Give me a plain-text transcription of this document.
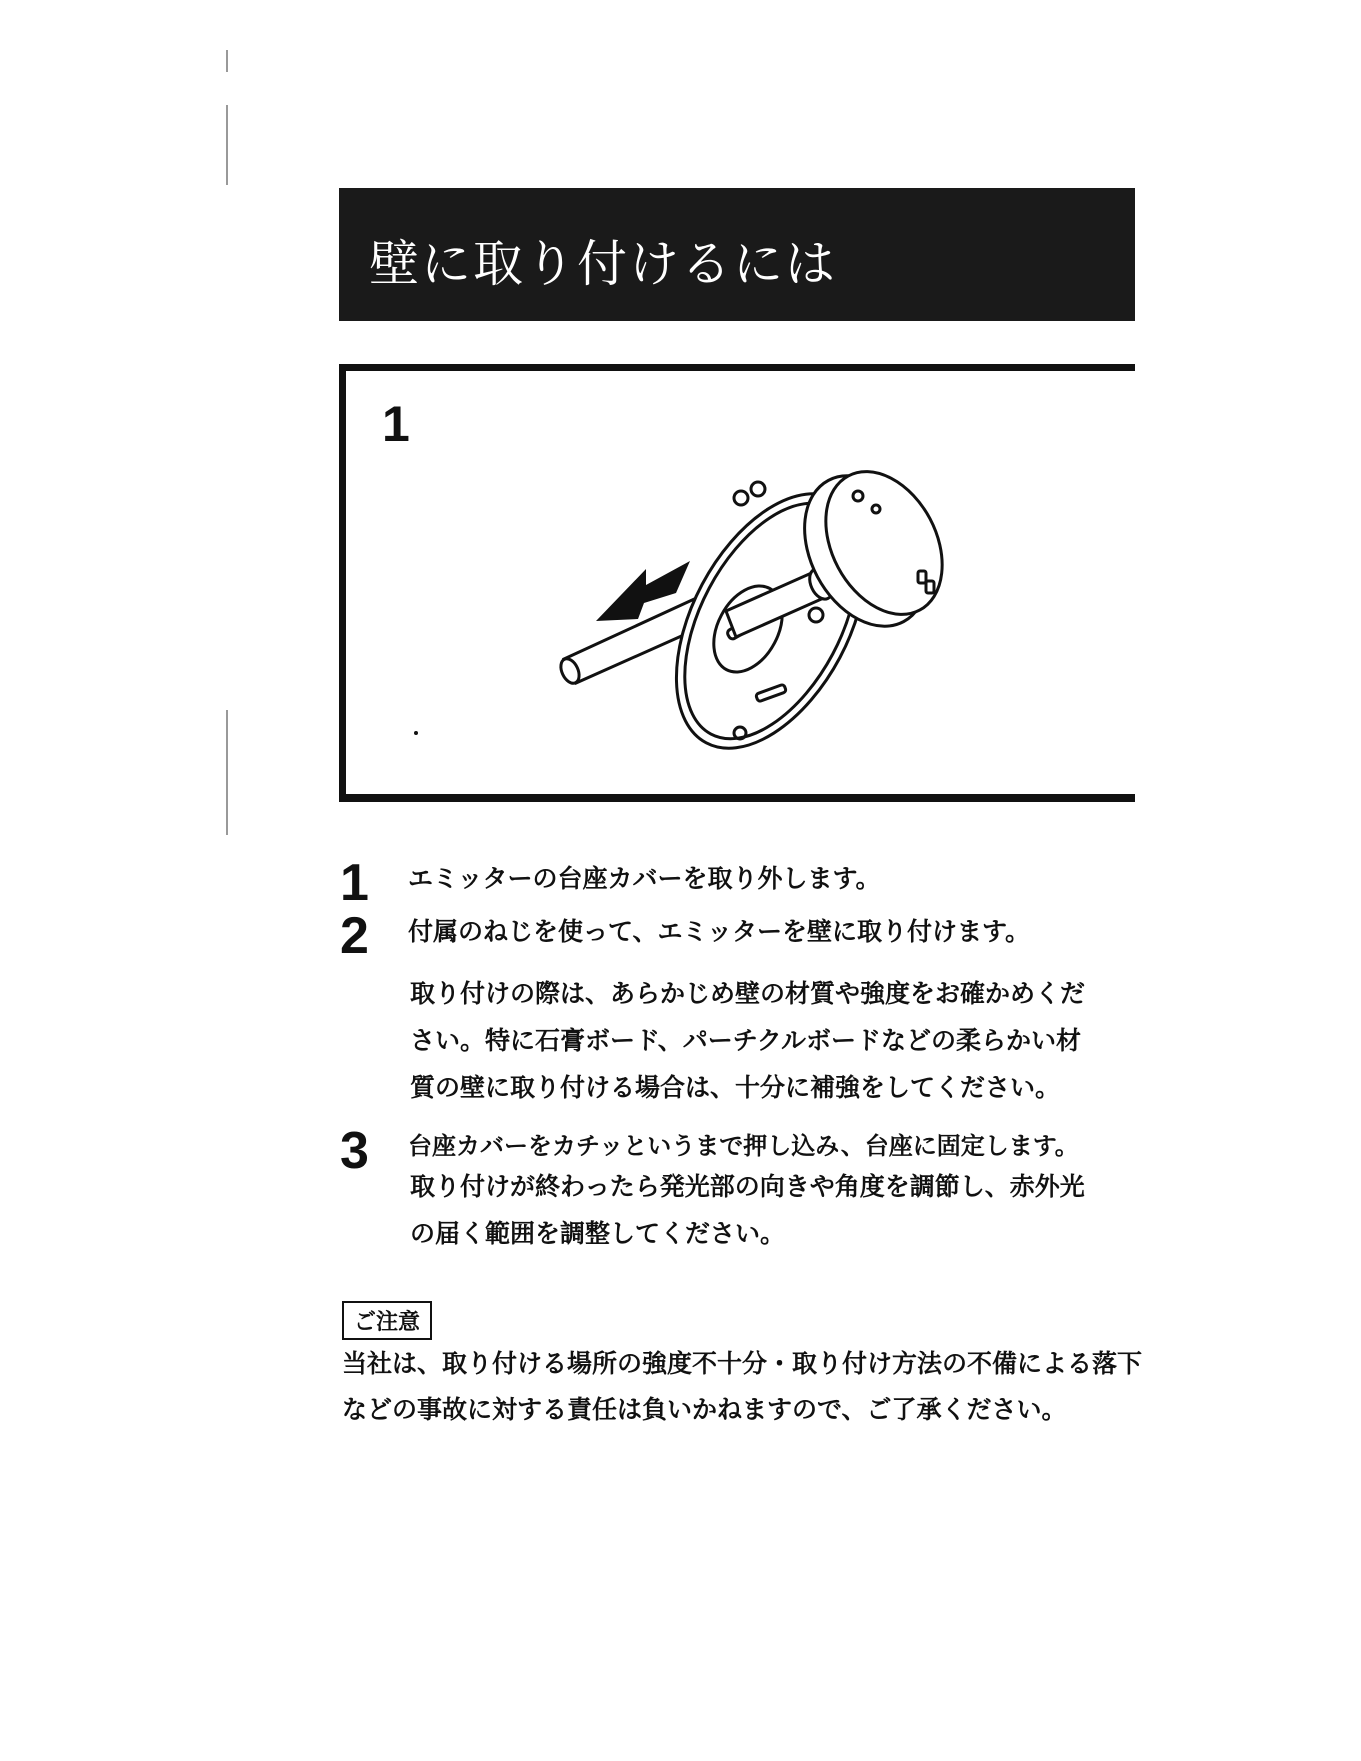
壁に取り付けるには
1
1	エミッターの台座カバーを取り外します。
2	付属のねじを使って、エミッターを壁に取り付けます。
取り付けの際は、あらかじめ壁の材質や強度をお確かめくだ
さい。特に石膏ボード、パーチクルボードなどの柔らかい材
質の壁に取り付ける場合は、十分に補強をしてください。
3	台座カバーをカチッというまで押し込み、台座に固定します。
取り付けが終わったら発光部の向きや角度を調節し、赤外光
の届く範囲を調整してください。
ご注意
当社は、取り付ける場所の強度不十分・取り付け方法の不備による落下
などの事故に対する責任は負いかねますので、ご了承ください。
